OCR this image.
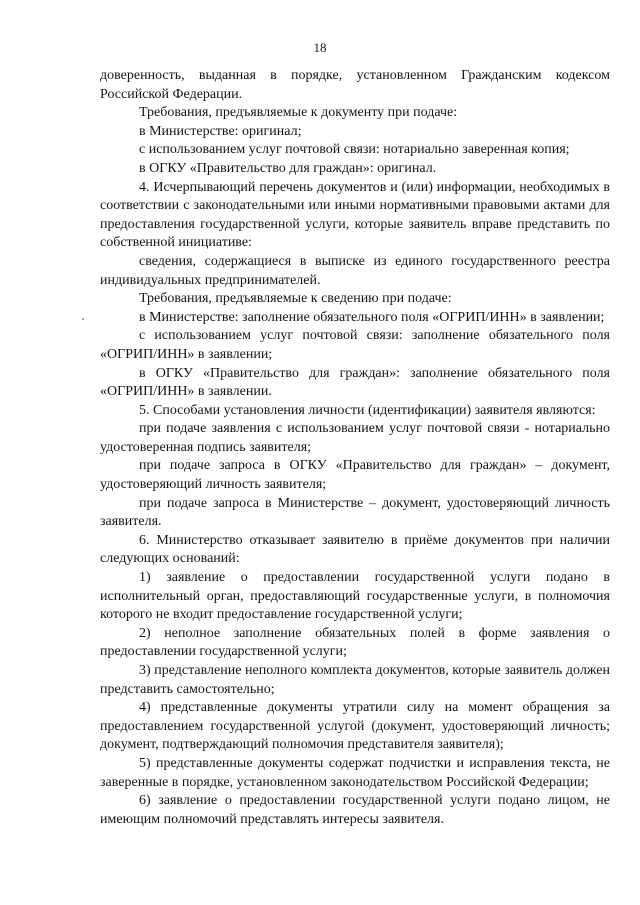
18

доверенность, выданная в порядке, установленном Гражданским кодексом Российской Федерации.

Требования, предъявляемые к документу при подаче:

в Министерстве: оригинал;

с использованием услуг почтовой связи: нотариально заверенная копия;

в ОГКУ «Правительство для граждан»: оригинал.

4. Исчерпывающий перечень документов и (или) информации, необходимых в соответствии с законодательными или иными нормативными правовыми актами для предоставления государственной услуги, которые заявитель вправе представить по собственной инициативе:

сведения, содержащиеся в выписке из единого государственного реестра индивидуальных предпринимателей.

Требования, предъявляемые к сведению при подаче:

в Министерстве: заполнение обязательного поля «ОГРИП/ИНН» в заявлении;

с использованием услуг почтовой связи: заполнение обязательного поля «ОГРИП/ИНН» в заявлении;

в ОГКУ «Правительство для граждан»: заполнение обязательного поля «ОГРИП/ИНН» в заявлении.

5. Способами установления личности (идентификации) заявителя являются:

при подаче заявления с использованием услуг почтовой связи - нотариально удостоверенная подпись заявителя;

при подаче запроса в ОГКУ «Правительство для граждан» – документ, удостоверяющий личность заявителя;

при подаче запроса в Министерстве – документ, удостоверяющий личность заявителя.

6. Министерство отказывает заявителю в приёме документов при наличии следующих оснований:

1) заявление о предоставлении государственной услуги подано в исполнительный орган, предоставляющий государственные услуги, в полномочия которого не входит предоставление государственной услуги;

2) неполное заполнение обязательных полей в форме заявления о предоставлении государственной услуги;

3) представление неполного комплекта документов, которые заявитель должен представить самостоятельно;

4) представленные документы утратили силу на момент обращения за предоставлением государственной услугой (документ, удостоверяющий личность; документ, подтверждающий полномочия представителя заявителя);

5) представленные документы содержат подчистки и исправления текста, не заверенные в порядке, установленном законодательством Российской Федерации;

6) заявление о предоставлении государственной услуги подано лицом, не имеющим полномочий представлять интересы заявителя.
